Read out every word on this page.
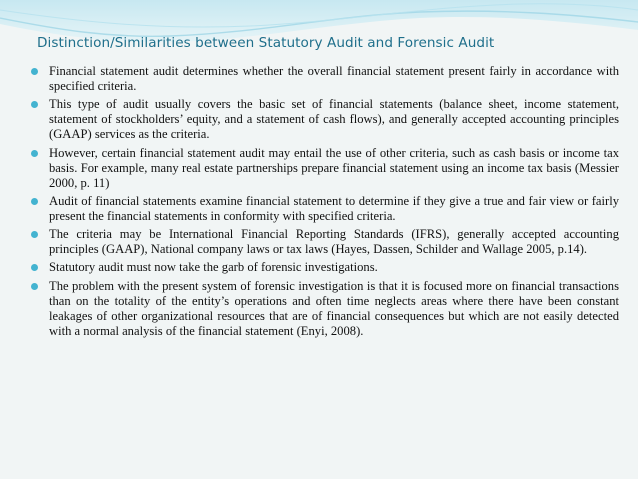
Distinction/Similarities between Statutory Audit and Forensic Audit
Financial statement audit determines whether the overall financial statement present fairly in accordance with specified criteria.
This type of audit usually covers the basic set of financial statements (balance sheet, income statement, statement of stockholders’ equity, and a statement of cash flows), and generally accepted accounting principles (GAAP) services as the criteria.
However, certain financial statement audit may entail the use of other criteria, such as cash basis or income tax basis. For example, many real estate partnerships prepare financial statement using an income tax basis (Messier 2000, p. 11)
Audit of financial statements examine financial statement to determine if they give a true and fair view or fairly present the financial statements in conformity with specified criteria.
The criteria may be International Financial Reporting Standards (IFRS), generally accepted accounting principles (GAAP), National company laws or tax laws (Hayes, Dassen, Schilder and Wallage 2005, p.14).
Statutory audit must now take the garb of forensic investigations.
The problem with the present system of forensic investigation is that it is focused more on financial transactions than on the totality of the entity’s operations and often time neglects areas where there have been constant leakages of other organizational resources that are of financial consequences but which are not easily detected with a normal analysis of the financial statement (Enyi, 2008).
